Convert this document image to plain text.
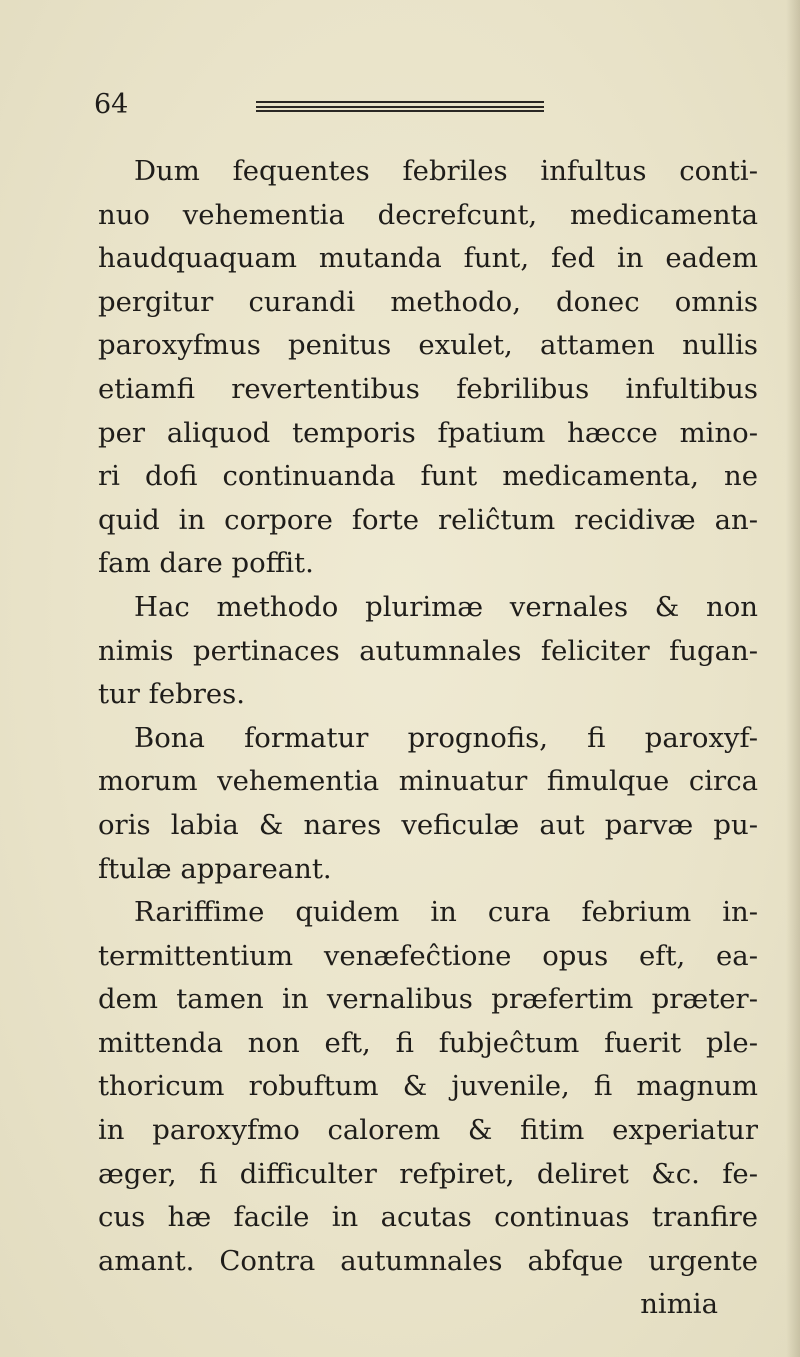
64
Dum fequentes febriles infultus conti-
nuo vehementia decrefcunt, medicamenta
haudquaquam mutanda funt, fed in eadem
pergitur curandi methodo, donec omnis
paroxyfmus penitus exulet, attamen nullis
etiamfi revertentibus febrilibus infultibus
per aliquod temporis fpatium hæcce mino-
ri dofi continuanda funt medicamenta, ne
quid in corpore forte reliĉtum recidivæ an-
fam dare poffit.
Hac methodo plurimæ vernales & non
nimis pertinaces autumnales feliciter fugan-
tur febres.
Bona formatur prognofis, fi paroxyf-
morum vehementia minuatur fimulque circa
oris labia & nares veficulæ aut parvæ pu-
ftulæ appareant.
Rariffime quidem in cura febrium in-
termittentium venæfeĉtione opus eft, ea-
dem tamen in vernalibus præfertim præter-
mittenda non eft, fi fubjeĉtum fuerit ple-
thoricum robuftum & juvenile, fi magnum
in paroxyfmo calorem & fitim experiatur
æger, fi difficulter refpiret, deliret &c. fe-
cus hæ facile in acutas continuas tranfire
amant. Contra autumnales abfque urgente
nimia
